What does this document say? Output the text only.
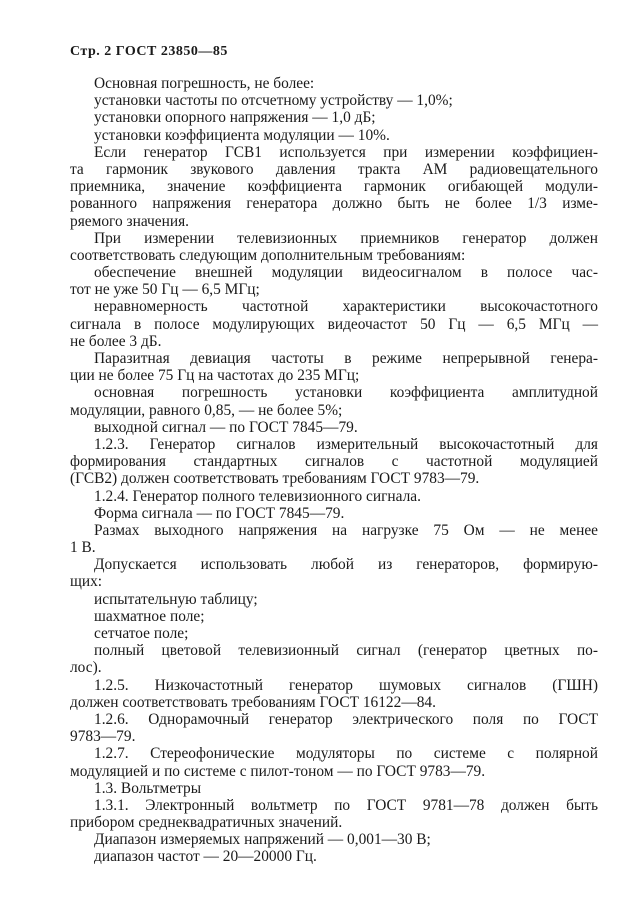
Стр. 2 ГОСТ 23850—85
Основная погрешность, не более:
установки частоты по отсчетному устройству — 1,0%;
установки опорного напряжения — 1,0 дБ;
установки коэффициента модуляции — 10%.
Если генератор ГСВ1 используется при измерении коэффициен-
та гармоник звукового давления тракта АМ радиовещательного
приемника, значение коэффициента гармоник огибающей модули-
рованного напряжения генератора должно быть не более 1/3 изме-
ряемого значения.
При измерении телевизионных приемников генератор должен
соответствовать следующим дополнительным требованиям:
обеспечение внешней модуляции видеосигналом в полосе час-
тот не уже 50 Гц — 6,5 МГц;
неравномерность частотной характеристики высокочастотного
сигнала в полосе модулирующих видеочастот 50 Гц — 6,5 МГц —
не более 3 дБ.
Паразитная девиация частоты в режиме непрерывной генера-
ции не более 75 Гц на частотах до 235 МГц;
основная погрешность установки коэффициента амплитудной
модуляции, равного 0,85, — не более 5%;
выходной сигнал — по ГОСТ 7845—79.
1.2.3. Генератор сигналов измерительный высокочастотный для
формирования стандартных сигналов с частотной модуляцией
(ГСВ2) должен соответствовать требованиям ГОСТ 9783—79.
1.2.4. Генератор полного телевизионного сигнала.
Форма сигнала — по ГОСТ 7845—79.
Размах выходного напряжения на нагрузке 75 Ом — не менее
1 В.
Допускается использовать любой из генераторов, формирую-
щих:
испытательную таблицу;
шахматное поле;
сетчатое поле;
полный цветовой телевизионный сигнал (генератор цветных по-
лос).
1.2.5. Низкочастотный генератор шумовых сигналов (ГШН)
должен соответствовать требованиям ГОСТ 16122—84.
1.2.6. Однорамочный генератор электрического поля по ГОСТ
9783—79.
1.2.7. Стереофонические модуляторы по системе с полярной
модуляцией и по системе с пилот-тоном — по ГОСТ 9783—79.
1.3. Вольтметры
1.3.1. Электронный вольтметр по ГОСТ 9781—78 должен быть
прибором среднеквадратичных значений.
Диапазон измеряемых напряжений — 0,001—30 В;
диапазон частот — 20—20000 Гц.
